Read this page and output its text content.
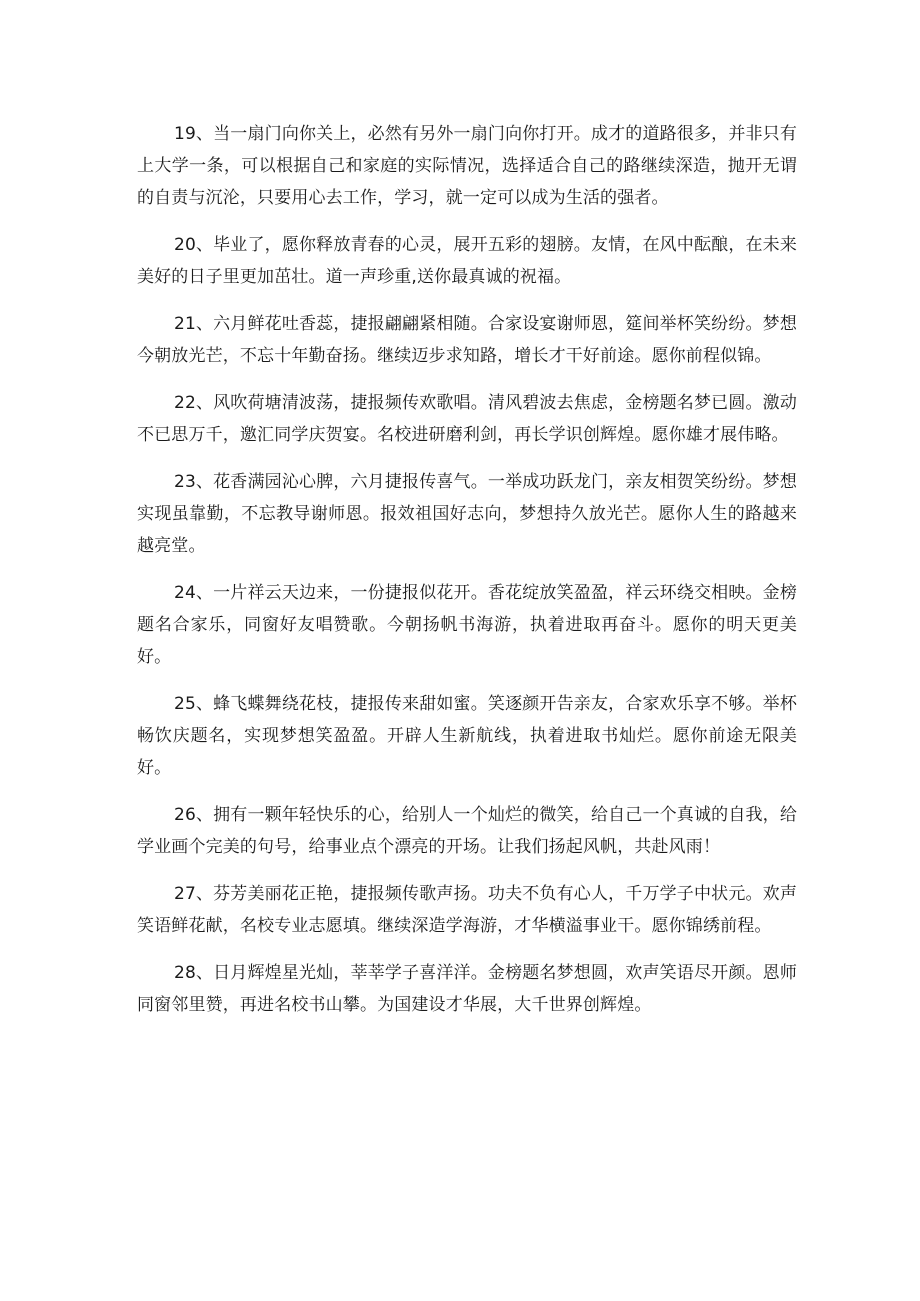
19、当一扇门向你关上，必然有另外一扇门向你打开。成才的道路很多，并非只有上大学一条，可以根据自己和家庭的实际情况，选择适合自己的路继续深造，抛开无谓的自责与沉沦，只要用心去工作，学习，就一定可以成为生活的强者。

20、毕业了，愿你释放青春的心灵，展开五彩的翅膀。友情，在风中酝酿，在未来美好的日子里更加茁壮。道一声珍重,送你最真诚的祝福。

21、六月鲜花吐香蕊，捷报翩翩紧相随。合家设宴谢师恩，筵间举杯笑纷纷。梦想今朝放光芒，不忘十年勤奋扬。继续迈步求知路，增长才干好前途。愿你前程似锦。

22、风吹荷塘清波荡，捷报频传欢歌唱。清风碧波去焦虑，金榜题名梦已圆。激动不已思万千，邀汇同学庆贺宴。名校进研磨利剑，再长学识创辉煌。愿你雄才展伟略。

23、花香满园沁心脾，六月捷报传喜气。一举成功跃龙门，亲友相贺笑纷纷。梦想实现虽靠勤，不忘教导谢师恩。报效祖国好志向，梦想持久放光芒。愿你人生的路越来越亮堂。

24、一片祥云天边来，一份捷报似花开。香花绽放笑盈盈，祥云环绕交相映。金榜题名合家乐，同窗好友唱赞歌。今朝扬帆书海游，执着进取再奋斗。愿你的明天更美好。

25、蜂飞蝶舞绕花枝，捷报传来甜如蜜。笑逐颜开告亲友，合家欢乐享不够。举杯畅饮庆题名，实现梦想笑盈盈。开辟人生新航线，执着进取书灿烂。愿你前途无限美好。

26、拥有一颗年轻快乐的心，给别人一个灿烂的微笑，给自己一个真诚的自我，给学业画个完美的句号，给事业点个漂亮的开场。让我们扬起风帆，共赴风雨！

27、芬芳美丽花正艳，捷报频传歌声扬。功夫不负有心人，千万学子中状元。欢声笑语鲜花献，名校专业志愿填。继续深造学海游，才华横溢事业干。愿你锦绣前程。

28、日月辉煌星光灿，莘莘学子喜洋洋。金榜题名梦想圆，欢声笑语尽开颜。恩师同窗邻里赞，再进名校书山攀。为国建设才华展，大千世界创辉煌。
